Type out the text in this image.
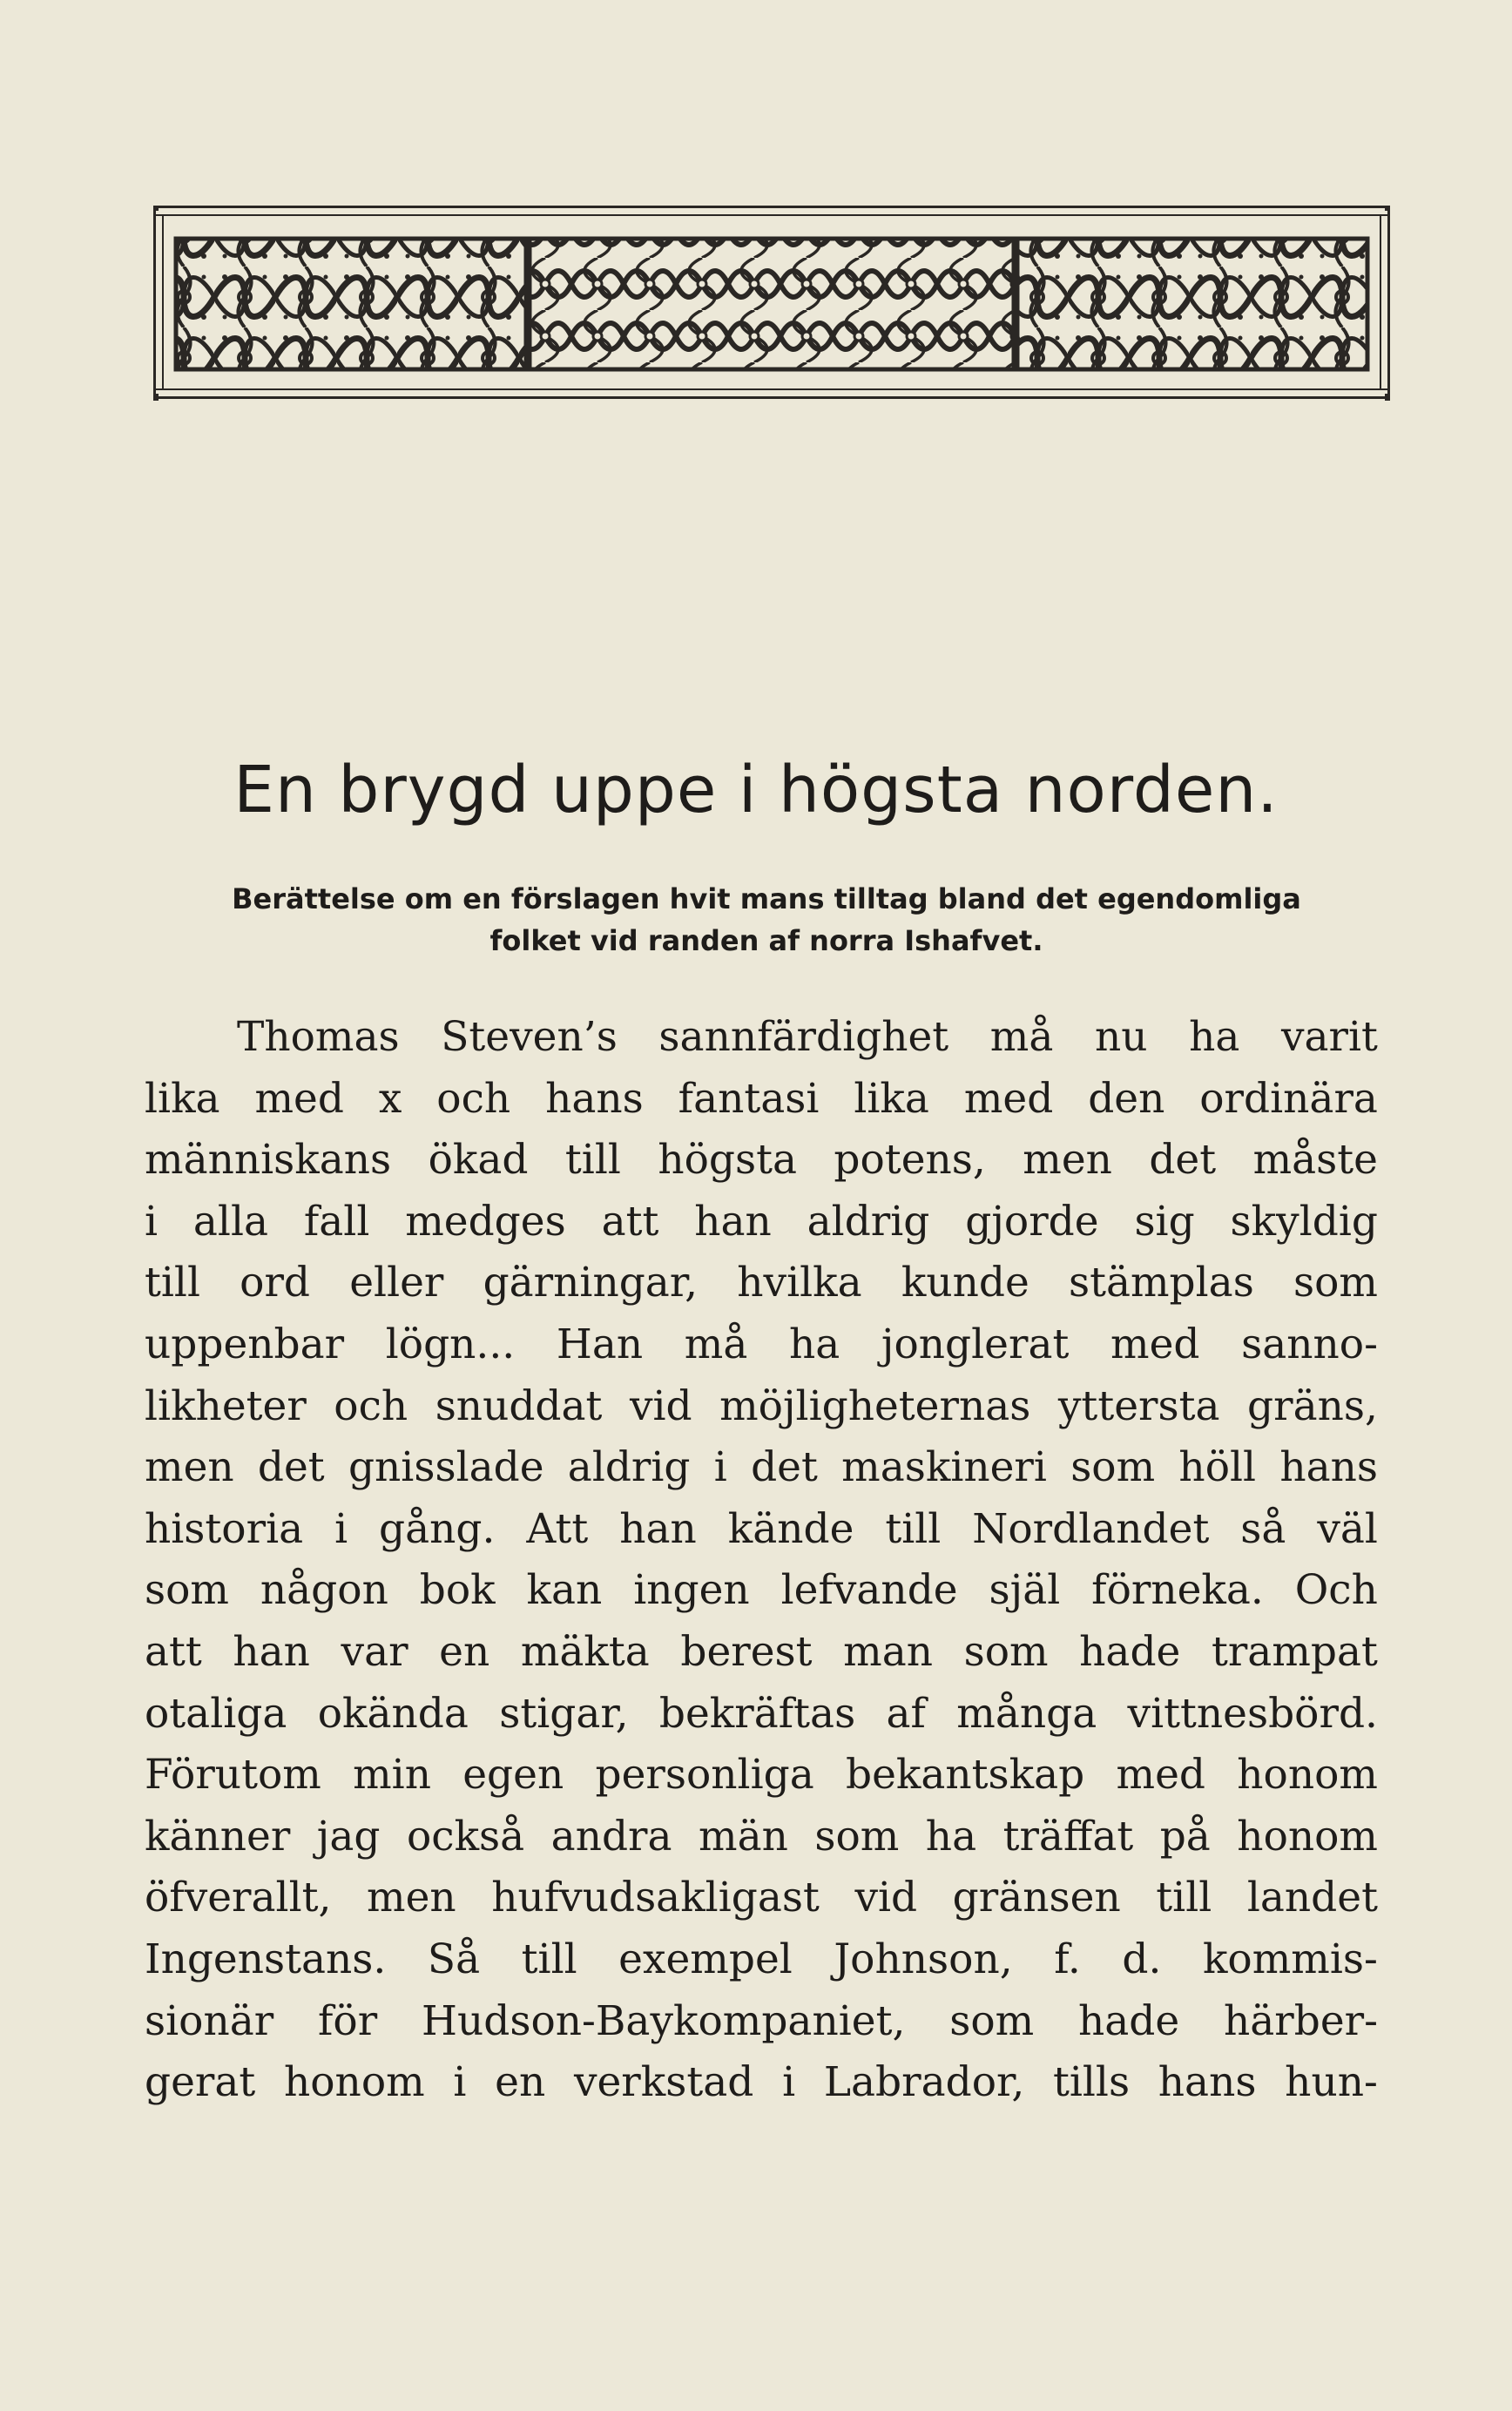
En brygd uppe i högsta norden.
Berättelse om en förslagen hvit mans tilltag bland det egendomliga
folket vid randen af norra Ishafvet.
Thomas Steven’s sannfärdighet må nu ha varit
lika med x och hans fantasi lika med den ordinära
människans ökad till högsta potens, men det måste
i alla fall medges att han aldrig gjorde sig skyldig
till ord eller gärningar, hvilka kunde stämplas som
uppenbar lögn... Han må ha jonglerat med sanno-
likheter och snuddat vid möjligheternas yttersta gräns,
men det gnisslade aldrig i det maskineri som höll hans
historia i gång. Att han kände till Nordlandet så väl
som någon bok kan ingen lefvande själ förneka. Och
att han var en mäkta berest man som hade trampat
otaliga okända stigar, bekräftas af många vittnesbörd.
Förutom min egen personliga bekantskap med honom
känner jag också andra män som ha träffat på honom
öfverallt, men hufvudsakligast vid gränsen till landet
Ingenstans. Så till exempel Johnson, f. d. kommis-
sionär för Hudson-Baykompaniet, som hade härber-
gerat honom i en verkstad i Labrador, tills hans hun-
